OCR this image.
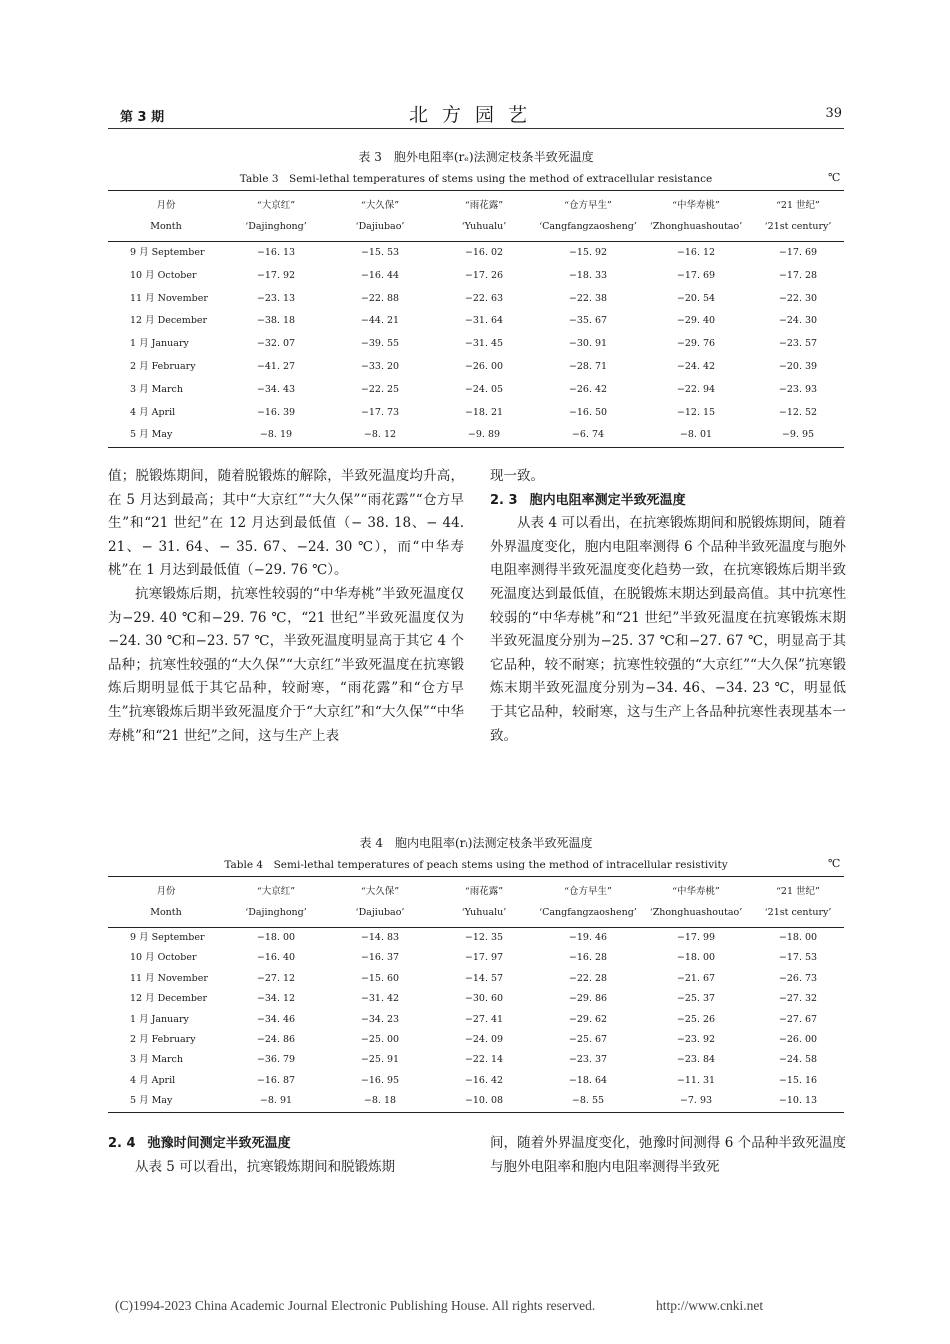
第 3 期	北方园艺	39
表 3　胞外电阻率(rₑ)法测定枝条半致死温度
Table 3　Semi-lethal temperatures of stems using the method of extracellular resistance	℃
月份	“大京红”	“大久保”	“雨花露”	“仓方早生”	“中华寿桃”	“21 世纪”
Month	‘Dajinghong’	‘Dajiubao’	‘Yuhualu’	‘Cangfangzaosheng’	‘Zhonghuashoutao’	‘21st century’
9 月 September	−16. 13	−15. 53	−16. 02	−15. 92	−16. 12	−17. 69
10 月 October	−17. 92	−16. 44	−17. 26	−18. 33	−17. 69	−17. 28
11 月 November	−23. 13	−22. 88	−22. 63	−22. 38	−20. 54	−22. 30
12 月 December	−38. 18	−44. 21	−31. 64	−35. 67	−29. 40	−24. 30
1 月 January	−32. 07	−39. 55	−31. 45	−30. 91	−29. 76	−23. 57
2 月 February	−41. 27	−33. 20	−26. 00	−28. 71	−24. 42	−20. 39
3 月 March	−34. 43	−22. 25	−24. 05	−26. 42	−22. 94	−23. 93
4 月 April	−16. 39	−17. 73	−18. 21	−16. 50	−12. 15	−12. 52
5 月 May	−8. 19	−8. 12	−9. 89	−6. 74	−8. 01	−9. 95

值；脱锻炼期间，随着脱锻炼的解除，半致死温度均升高，在 5 月达到最高；其中“大京红”“大久保”“雨花露”“仓方早生”和“21 世纪”在 12 月达到最低值（− 38. 18、− 44. 21、− 31. 64、− 35. 67、−24. 30 ℃），而“中华寿桃”在 1 月达到最低值（−29. 76 ℃）。

抗寒锻炼后期，抗寒性较弱的“中华寿桃”半致死温度仅为−29. 40 ℃和−29. 76 ℃，“21 世纪”半致死温度仅为−24. 30 ℃和−23. 57 ℃，半致死温度明显高于其它 4 个品种；抗寒性较强的“大久保”“大京红”半致死温度在抗寒锻炼后期明显低于其它品种，较耐寒，“雨花露”和“仓方早生”抗寒锻炼后期半致死温度介于“大京红”和“大久保”“中华寿桃”和“21 世纪”之间，这与生产上表

现一致。

2. 3 胞内电阻率测定半致死温度

从表 4 可以看出，在抗寒锻炼期间和脱锻炼期间，随着外界温度变化，胞内电阻率测得 6 个品种半致死温度与胞外电阻率测得半致死温度变化趋势一致，在抗寒锻炼后期半致死温度达到最低值，在脱锻炼末期达到最高值。其中抗寒性较弱的“中华寿桃”和“21 世纪”半致死温度在抗寒锻炼末期半致死温度分别为−25. 37 ℃和−27. 67 ℃，明显高于其它品种，较不耐寒；抗寒性较强的“大京红”“大久保”抗寒锻炼末期半致死温度分别为−34. 46、−34. 23 ℃，明显低于其它品种，较耐寒，这与生产上各品种抗寒性表现基本一致。

表 4　胞内电阻率(rᵢ)法测定枝条半致死温度
Table 4　Semi-lethal temperatures of peach stems using the method of intracellular resistivity	℃
月份	“大京红”	“大久保”	“雨花露”	“仓方早生”	“中华寿桃”	“21 世纪”
Month	‘Dajinghong’	‘Dajiubao’	‘Yuhualu’	‘Cangfangzaosheng’	‘Zhonghuashoutao’	‘21st century’
9 月 September	−18. 00	−14. 83	−12. 35	−19. 46	−17. 99	−18. 00
10 月 October	−16. 40	−16. 37	−17. 97	−16. 28	−18. 00	−17. 53
11 月 November	−27. 12	−15. 60	−14. 57	−22. 28	−21. 67	−26. 73
12 月 December	−34. 12	−31. 42	−30. 60	−29. 86	−25. 37	−27. 32
1 月 January	−34. 46	−34. 23	−27. 41	−29. 62	−25. 26	−27. 67
2 月 February	−24. 86	−25. 00	−24. 09	−25. 67	−23. 92	−26. 00
3 月 March	−36. 79	−25. 91	−22. 14	−23. 37	−23. 84	−24. 58
4 月 April	−16. 87	−16. 95	−16. 42	−18. 64	−11. 31	−15. 16
5 月 May	−8. 91	−8. 18	−10. 08	−8. 55	−7. 93	−10. 13

2. 4 弛豫时间测定半致死温度

从表 5 可以看出，抗寒锻炼期间和脱锻炼期

间，随着外界温度变化，弛豫时间测得 6 个品种半致死温度与胞外电阻率和胞内电阻率测得半致死

(C)1994-2023 China Academic Journal Electronic Publishing House. All rights reserved.	http://www.cnki.net
